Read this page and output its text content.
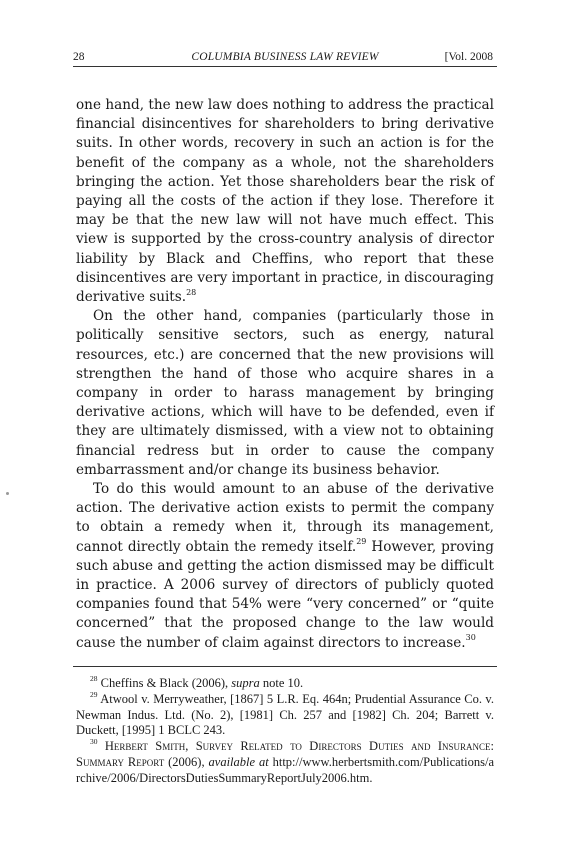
28	COLUMBIA BUSINESS LAW REVIEW	[Vol. 2008

one hand, the new law does nothing to address the practical financial disincentives for shareholders to bring derivative suits. In other words, recovery in such an action is for the benefit of the company as a whole, not the shareholders bringing the action. Yet those shareholders bear the risk of paying all the costs of the action if they lose. Therefore it may be that the new law will not have much effect. This view is supported by the cross-country analysis of director liability by Black and Cheffins, who report that these disincentives are very important in practice, in discouraging derivative suits.$^{28}$

On the other hand, companies (particularly those in politically sensitive sectors, such as energy, natural resources, etc.) are concerned that the new provisions will strengthen the hand of those who acquire shares in a company in order to harass management by bringing derivative actions, which will have to be defended, even if they are ultimately dismissed, with a view not to obtaining financial redress but in order to cause the company embarrassment and/or change its business behavior.

To do this would amount to an abuse of the derivative action. The derivative action exists to permit the company to obtain a remedy when it, through its management, cannot directly obtain the remedy itself.$^{29}$ However, proving such abuse and getting the action dismissed may be difficult in practice. A 2006 survey of directors of publicly quoted companies found that 54% were “very concerned” or “quite concerned” that the proposed change to the law would cause the number of claim against directors to increase.$^{30}$

$^{28}$ Cheffins & Black (2006), supra note 10.

$^{29}$ Atwool v. Merryweather, [1867] 5 L.R. Eq. 464n; Prudential Assurance Co. v. Newman Indus. Ltd. (No. 2), [1981] Ch. 257 and [1982] Ch. 204; Barrett v. Duckett, [1995] 1 BCLC 243.

$^{30}$ Herbert Smith, Survey Related to Directors Duties and Insurance: Summary Report (2006), available at http://www.herbertsmith.com/Publications/archive/2006/DirectorsDutiesSummaryReportJuly2006.htm.
